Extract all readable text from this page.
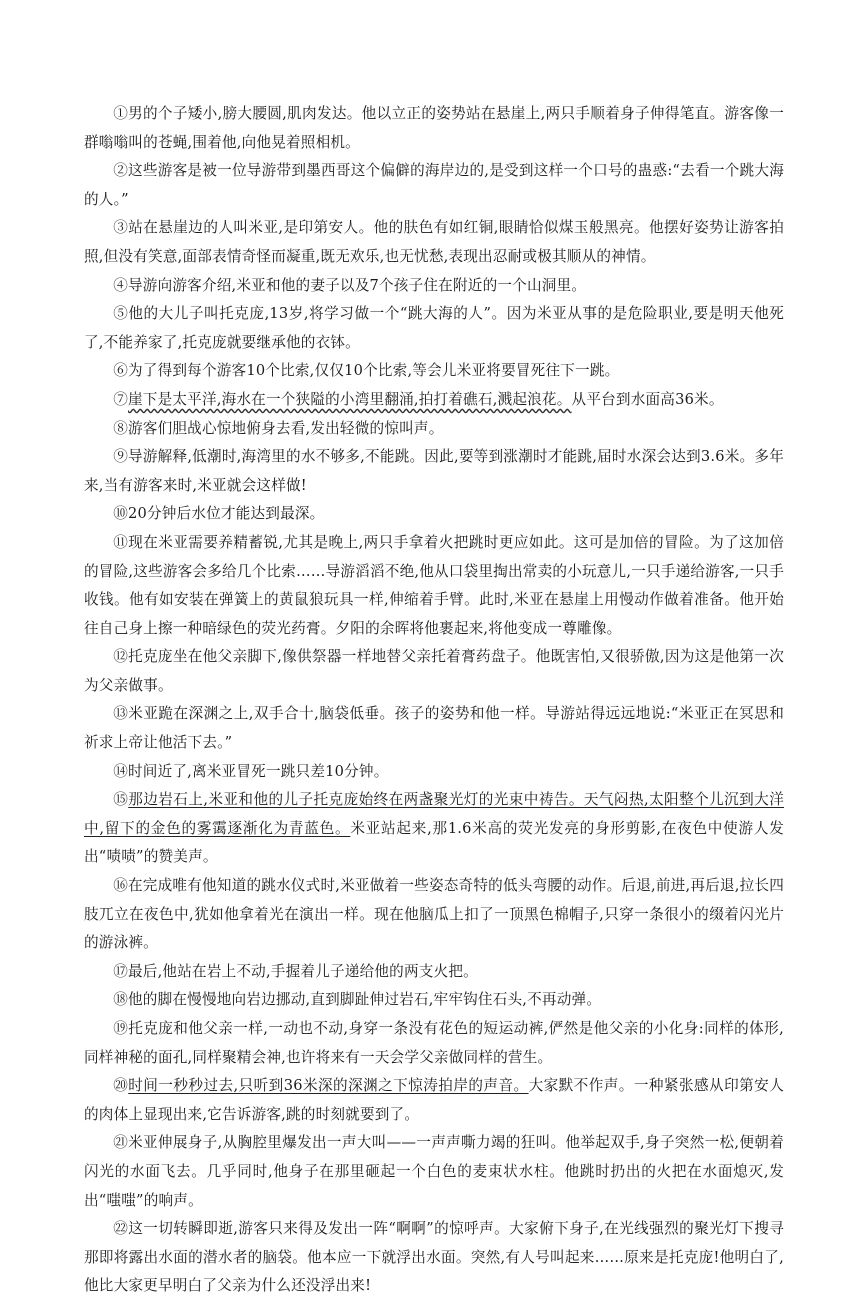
①男的个子矮小,膀大腰圆,肌肉发达。他以立正的姿势站在悬崖上,两只手顺着身子伸得笔直。游客像一群嗡嗡叫的苍蝇,围着他,向他晃着照相机。

②这些游客是被一位导游带到墨西哥这个偏僻的海岸边的,是受到这样一个口号的蛊惑:“去看一个跳大海的人。”

③站在悬崖边的人叫米亚,是印第安人。他的肤色有如红铜,眼睛恰似煤玉般黑亮。他摆好姿势让游客拍照,但没有笑意,面部表情奇怪而凝重,既无欢乐,也无忧愁,表现出忍耐或极其顺从的神情。

④导游向游客介绍,米亚和他的妻子以及7个孩子住在附近的一个山洞里。

⑤他的大儿子叫托克庞,13岁,将学习做一个“跳大海的人”。因为米亚从事的是危险职业,要是明天他死了,不能养家了,托克庞就要继承他的衣钵。

⑥为了得到每个游客10个比索,仅仅10个比索,等会儿米亚将要冒死往下一跳。

⑦崖下是太平洋,海水在一个狭隘的小湾里翻涌,拍打着礁石,溅起浪花。从平台到水面高36米。

⑧游客们胆战心惊地俯身去看,发出轻微的惊叫声。

⑨导游解释,低潮时,海湾里的水不够多,不能跳。因此,要等到涨潮时才能跳,届时水深会达到3.6米。多年来,当有游客来时,米亚就会这样做!

⑩20分钟后水位才能达到最深。

⑪现在米亚需要养精蓄锐,尤其是晚上,两只手拿着火把跳时更应如此。这可是加倍的冒险。为了这加倍的冒险,这些游客会多给几个比索……导游滔滔不绝,他从口袋里掏出常卖的小玩意儿,一只手递给游客,一只手收钱。他有如安装在弹簧上的黄鼠狼玩具一样,伸缩着手臂。此时,米亚在悬崖上用慢动作做着准备。他开始往自己身上擦一种暗绿色的荧光药膏。夕阳的余晖将他裹起来,将他变成一尊雕像。

⑫托克庞坐在他父亲脚下,像供祭器一样地替父亲托着膏药盘子。他既害怕,又很骄傲,因为这是他第一次为父亲做事。

⑬米亚跪在深渊之上,双手合十,脑袋低垂。孩子的姿势和他一样。导游站得远远地说:“米亚正在冥思和祈求上帝让他活下去。”

⑭时间近了,离米亚冒死一跳只差10分钟。

⑮那边岩石上,米亚和他的儿子托克庞始终在两盏聚光灯的光束中祷告。天气闷热,太阳整个儿沉到大洋中,留下的金色的雾霭逐渐化为青蓝色。米亚站起来,那1.6米高的荧光发亮的身形剪影,在夜色中使游人发出“啧啧”的赞美声。

⑯在完成唯有他知道的跳水仪式时,米亚做着一些姿态奇特的低头弯腰的动作。后退,前进,再后退,拉长四肢兀立在夜色中,犹如他拿着光在演出一样。现在他脑瓜上扣了一顶黑色棉帽子,只穿一条很小的缀着闪光片的游泳裤。

⑰最后,他站在岩上不动,手握着儿子递给他的两支火把。

⑱他的脚在慢慢地向岩边挪动,直到脚趾伸过岩石,牢牢钩住石头,不再动弹。

⑲托克庞和他父亲一样,一动也不动,身穿一条没有花色的短运动裤,俨然是他父亲的小化身:同样的体形,同样神秘的面孔,同样聚精会神,也许将来有一天会学父亲做同样的营生。

⑳时间一秒秒过去,只听到36米深的深渊之下惊涛拍岸的声音。大家默不作声。一种紧张感从印第安人的肉体上显现出来,它告诉游客,跳的时刻就要到了。

㉑米亚伸展身子,从胸腔里爆发出一声大叫——一声声嘶力竭的狂叫。他举起双手,身子突然一松,便朝着闪光的水面飞去。几乎同时,他身子在那里砸起一个白色的麦束状水柱。他跳时扔出的火把在水面熄灭,发出“嗤嗤”的响声。

㉒这一切转瞬即逝,游客只来得及发出一阵“啊啊”的惊呼声。大家俯下身子,在光线强烈的聚光灯下搜寻那即将露出水面的潜水者的脑袋。他本应一下就浮出水面。突然,有人号叫起来……原来是托克庞!他明白了,他比大家更早明白了父亲为什么还没浮出来!
